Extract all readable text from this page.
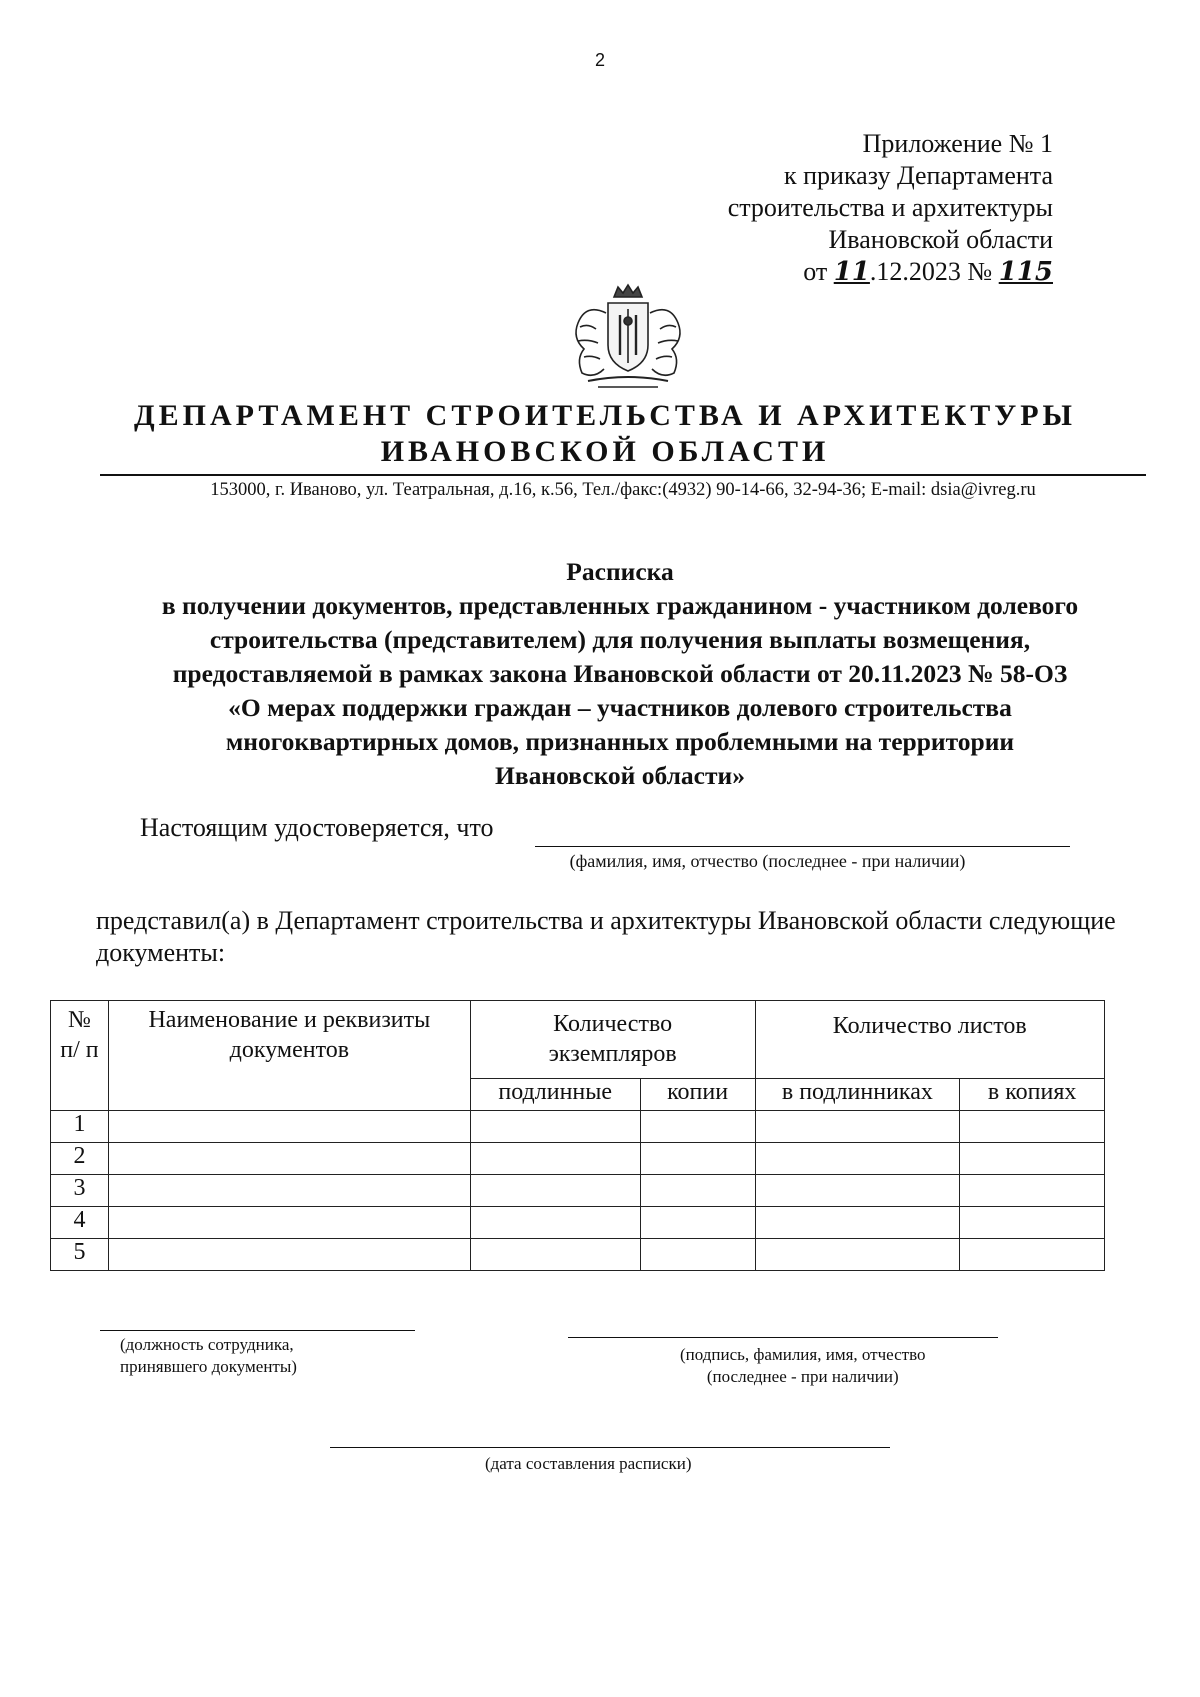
2
Приложение № 1
к приказу Департамента
строительства и архитектуры
Ивановской области
от 11.12.2023 № 115
ДЕПАРТАМЕНТ СТРОИТЕЛЬСТВА И АРХИТЕКТУРЫ
ИВАНОВСКОЙ ОБЛАСТИ
153000, г. Иваново, ул. Театральная, д.16, к.56, Тел./факс:(4932) 90-14-66, 32-94-36; E-mail: dsia@ivreg.ru
Расписка
в получении документов, представленных гражданином - участником долевого
строительства (представителем) для получения выплаты возмещения,
предоставляемой в рамках закона Ивановской области от 20.11.2023 № 58-ОЗ
«О мерах поддержки граждан – участников долевого строительства
многоквартирных домов, признанных проблемными на территории
Ивановской области»
Настоящим удостоверяется, что
(фамилия, имя, отчество (последнее - при наличии)
представил(а) в Департамент строительства и архитектуры Ивановской области следующие документы:
№ п/ п	Наименование и реквизиты документов	Количество экземпляров		Количество листов	
		подлинные	копии	в подлинниках	в копиях
1					
2					
3					
4					
5					
(должность сотрудника,
принявшего документы)
(подпись, фамилия, имя, отчество
(последнее - при наличии)
(дата составления расписки)
